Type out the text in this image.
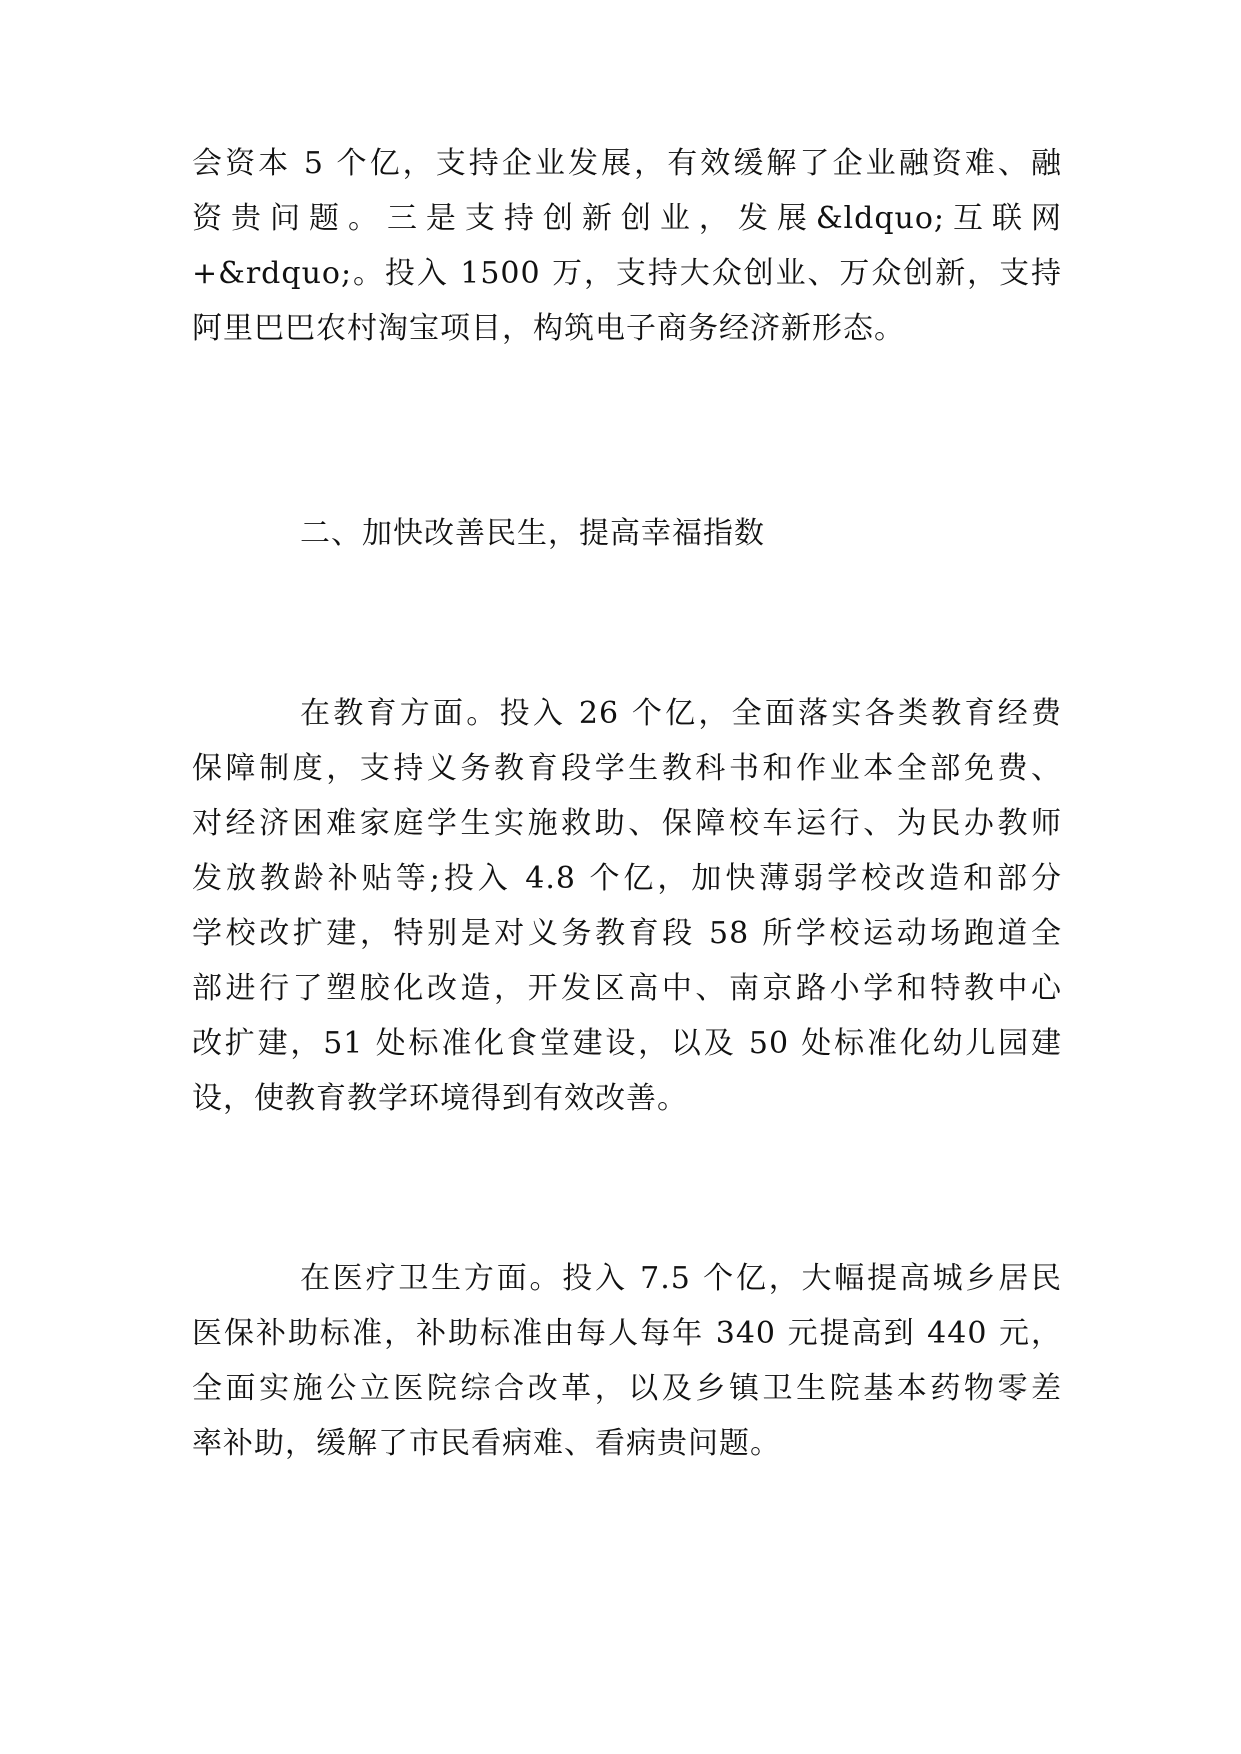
会资本 5 个亿，支持企业发展，有效缓解了企业融资难、融
资贵问题。三是支持创新创业，发展&ldquo;互联网
+&rdquo;。投入 1500 万，支持大众创业、万众创新，支持
阿里巴巴农村淘宝项目，构筑电子商务经济新形态。
二、加快改善民生，提高幸福指数
在教育方面。投入 26 个亿，全面落实各类教育经费
保障制度，支持义务教育段学生教科书和作业本全部免费、
对经济困难家庭学生实施救助、保障校车运行、为民办教师
发放教龄补贴等;投入 4.8 个亿，加快薄弱学校改造和部分
学校改扩建，特别是对义务教育段 58 所学校运动场跑道全
部进行了塑胶化改造，开发区高中、南京路小学和特教中心
改扩建，51 处标准化食堂建设，以及 50 处标准化幼儿园建
设，使教育教学环境得到有效改善。
在医疗卫生方面。投入 7.5 个亿，大幅提高城乡居民
医保补助标准，补助标准由每人每年 340 元提高到 440 元，
全面实施公立医院综合改革，以及乡镇卫生院基本药物零差
率补助，缓解了市民看病难、看病贵问题。
